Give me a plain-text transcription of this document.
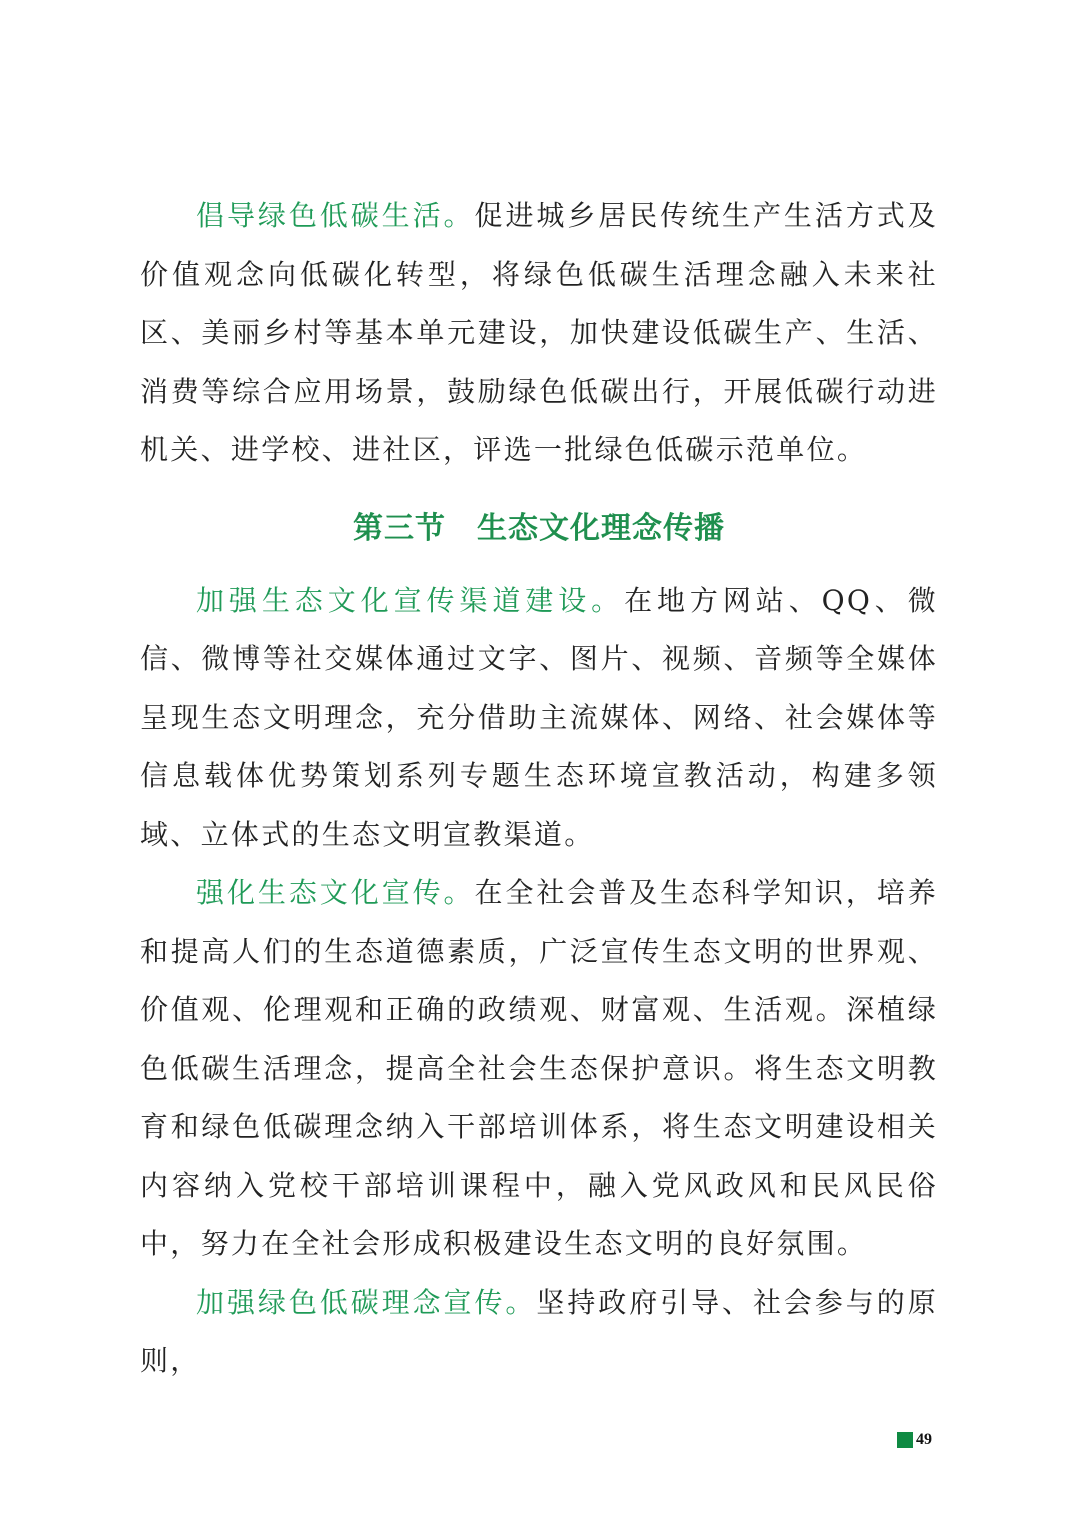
倡导绿色低碳生活。促进城乡居民传统生产生活方式及价值观念向低碳化转型，将绿色低碳生活理念融入未来社区、美丽乡村等基本单元建设，加快建设低碳生产、生活、消费等综合应用场景，鼓励绿色低碳出行，开展低碳行动进机关、进学校、进社区，评选一批绿色低碳示范单位。

第三节　生态文化理念传播

加强生态文化宣传渠道建设。在地方网站、QQ、微信、微博等社交媒体通过文字、图片、视频、音频等全媒体呈现生态文明理念，充分借助主流媒体、网络、社会媒体等信息载体优势策划系列专题生态环境宣教活动，构建多领域、立体式的生态文明宣教渠道。

强化生态文化宣传。在全社会普及生态科学知识，培养和提高人们的生态道德素质，广泛宣传生态文明的世界观、价值观、伦理观和正确的政绩观、财富观、生活观。深植绿色低碳生活理念，提高全社会生态保护意识。将生态文明教育和绿色低碳理念纳入干部培训体系，将生态文明建设相关内容纳入党校干部培训课程中，融入党风政风和民风民俗中，努力在全社会形成积极建设生态文明的良好氛围。

加强绿色低碳理念宣传。坚持政府引导、社会参与的原则，

49
